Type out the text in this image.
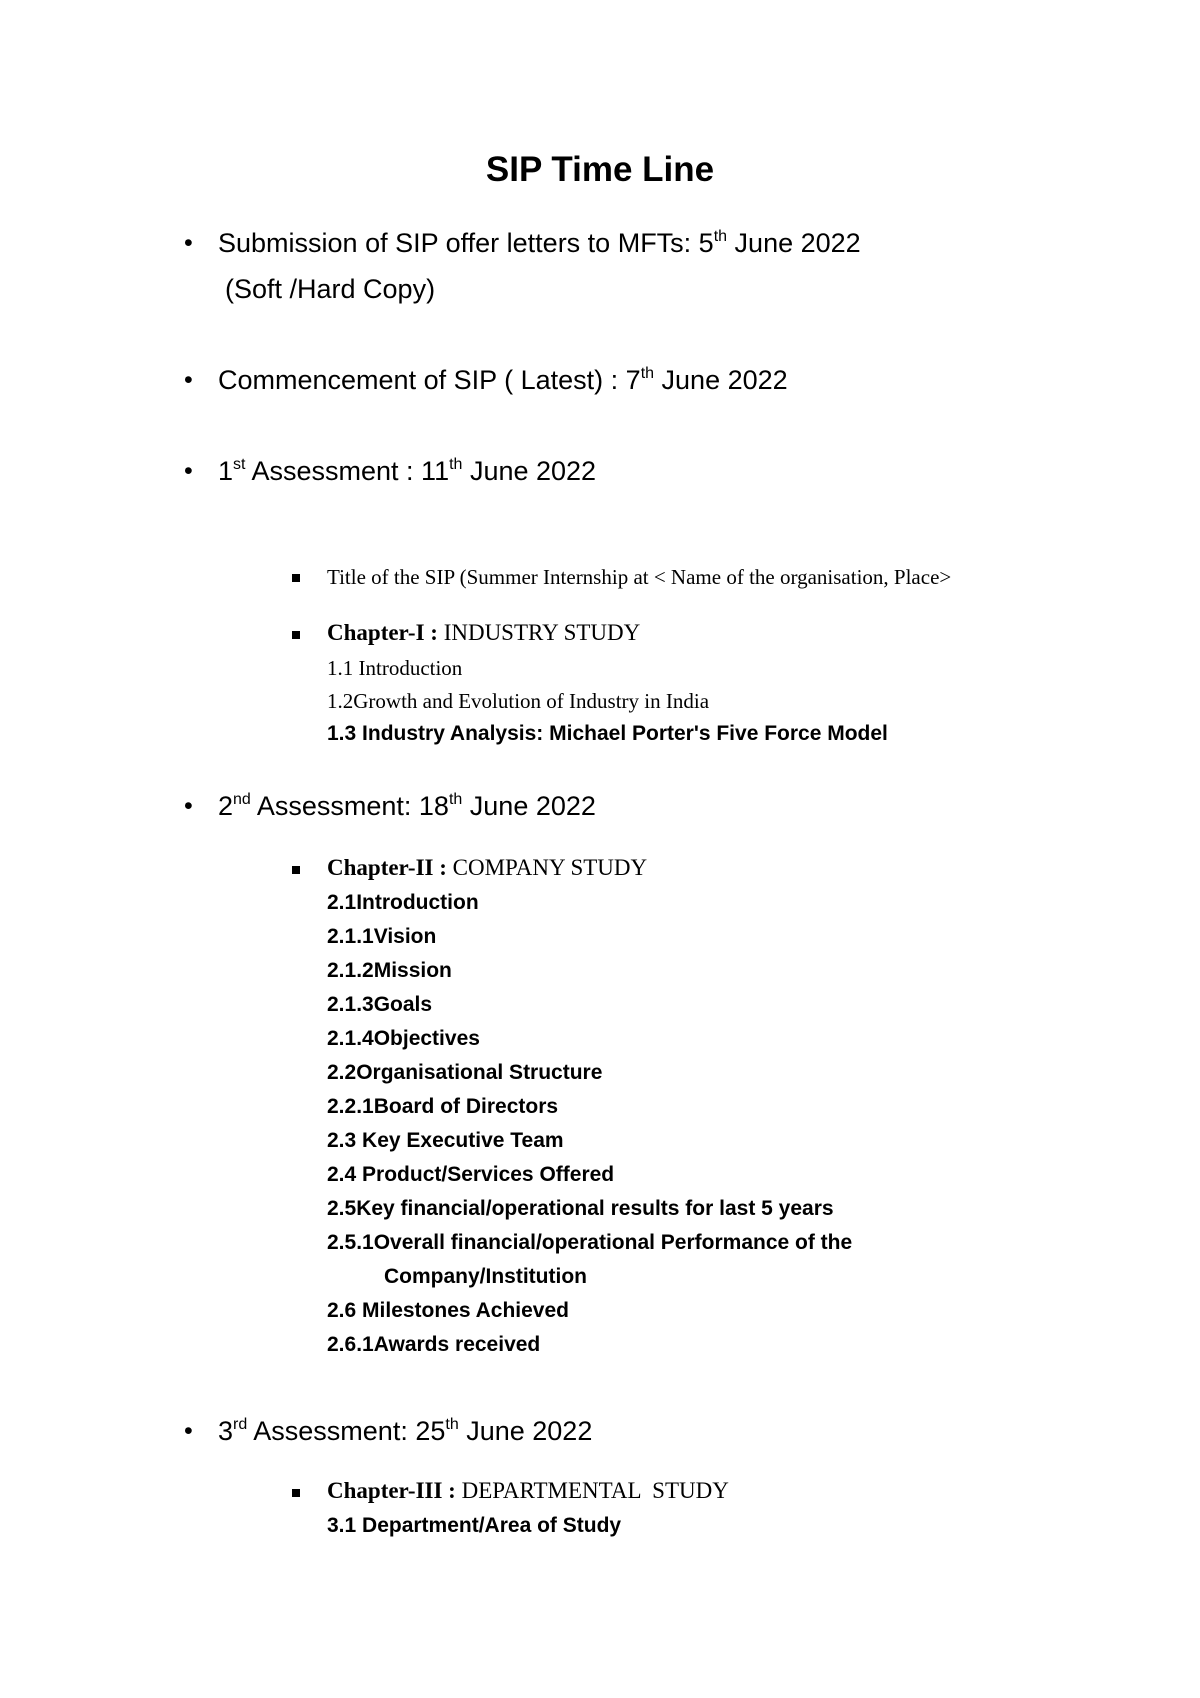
SIP Time Line
• Submission of SIP offer letters to MFTs: 5th June 2022
(Soft /Hard Copy)
• Commencement of SIP ( Latest) : 7th June 2022
• 1st Assessment : 11th June 2022
Title of the SIP (Summer Internship at < Name of the organisation, Place>
Chapter-I : INDUSTRY STUDY
1.1 Introduction
1.2Growth and Evolution of Industry in India
1.3 Industry Analysis: Michael Porter's Five Force Model
• 2nd Assessment: 18th June 2022
Chapter-II : COMPANY STUDY
2.1Introduction
2.1.1Vision
2.1.2Mission
2.1.3Goals
2.1.4Objectives
2.2Organisational Structure
2.2.1Board of Directors
2.3 Key Executive Team
2.4 Product/Services Offered
2.5Key financial/operational results for last 5 years
2.5.1Overall financial/operational Performance of the
Company/Institution
2.6 Milestones Achieved
2.6.1Awards received
• 3rd Assessment: 25th June 2022
Chapter-III : DEPARTMENTAL  STUDY
3.1 Department/Area of Study
